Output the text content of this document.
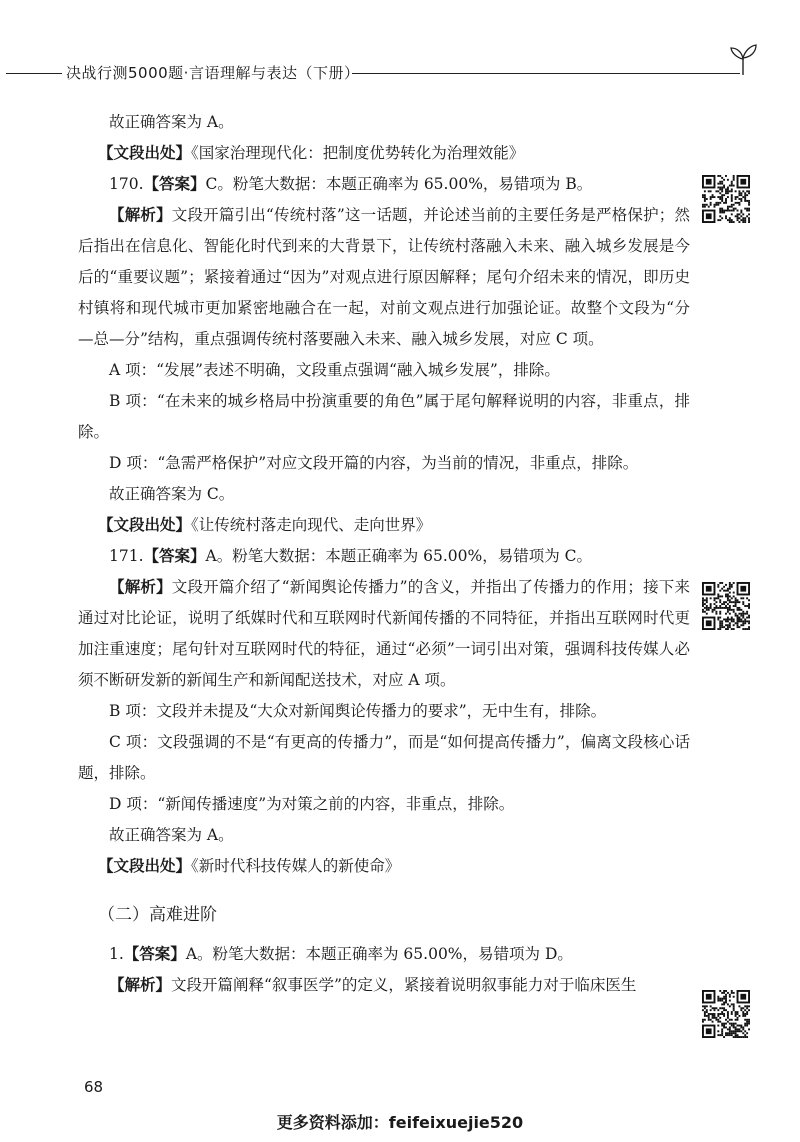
决战行测5000题·言语理解与表达（下册）

故正确答案为 A。

【文段出处】《国家治理现代化：把制度优势转化为治理效能》

170.【答案】C。粉笔大数据：本题正确率为 65.00%，易错项为 B。

【解析】文段开篇引出“传统村落”这一话题，并论述当前的主要任务是严格保护；然后指出在信息化、智能化时代到来的大背景下，让传统村落融入未来、融入城乡发展是今后的“重要议题”；紧接着通过“因为”对观点进行原因解释；尾句介绍未来的情况，即历史村镇将和现代城市更加紧密地融合在一起，对前文观点进行加强论证。故整个文段为“分—总—分”结构，重点强调传统村落要融入未来、融入城乡发展，对应 C 项。

A 项：“发展”表述不明确，文段重点强调“融入城乡发展”，排除。

B 项：“在未来的城乡格局中扮演重要的角色”属于尾句解释说明的内容，非重点，排除。

D 项：“急需严格保护”对应文段开篇的内容，为当前的情况，非重点，排除。

故正确答案为 C。

【文段出处】《让传统村落走向现代、走向世界》

171.【答案】A。粉笔大数据：本题正确率为 65.00%，易错项为 C。

【解析】文段开篇介绍了“新闻舆论传播力”的含义，并指出了传播力的作用；接下来通过对比论证，说明了纸媒时代和互联网时代新闻传播的不同特征，并指出互联网时代更加注重速度；尾句针对互联网时代的特征，通过“必须”一词引出对策，强调科技传媒人必须不断研发新的新闻生产和新闻配送技术，对应 A 项。

B 项：文段并未提及“大众对新闻舆论传播力的要求”，无中生有，排除。

C 项：文段强调的不是“有更高的传播力”，而是“如何提高传播力”，偏离文段核心话题，排除。

D 项：“新闻传播速度”为对策之前的内容，非重点，排除。

故正确答案为 A。

【文段出处】《新时代科技传媒人的新使命》

（二）高难进阶

1.【答案】A。粉笔大数据：本题正确率为 65.00%，易错项为 D。

【解析】文段开篇阐释“叙事医学”的定义，紧接着说明叙事能力对于临床医生

68
更多资料添加：feifeixuejie520
